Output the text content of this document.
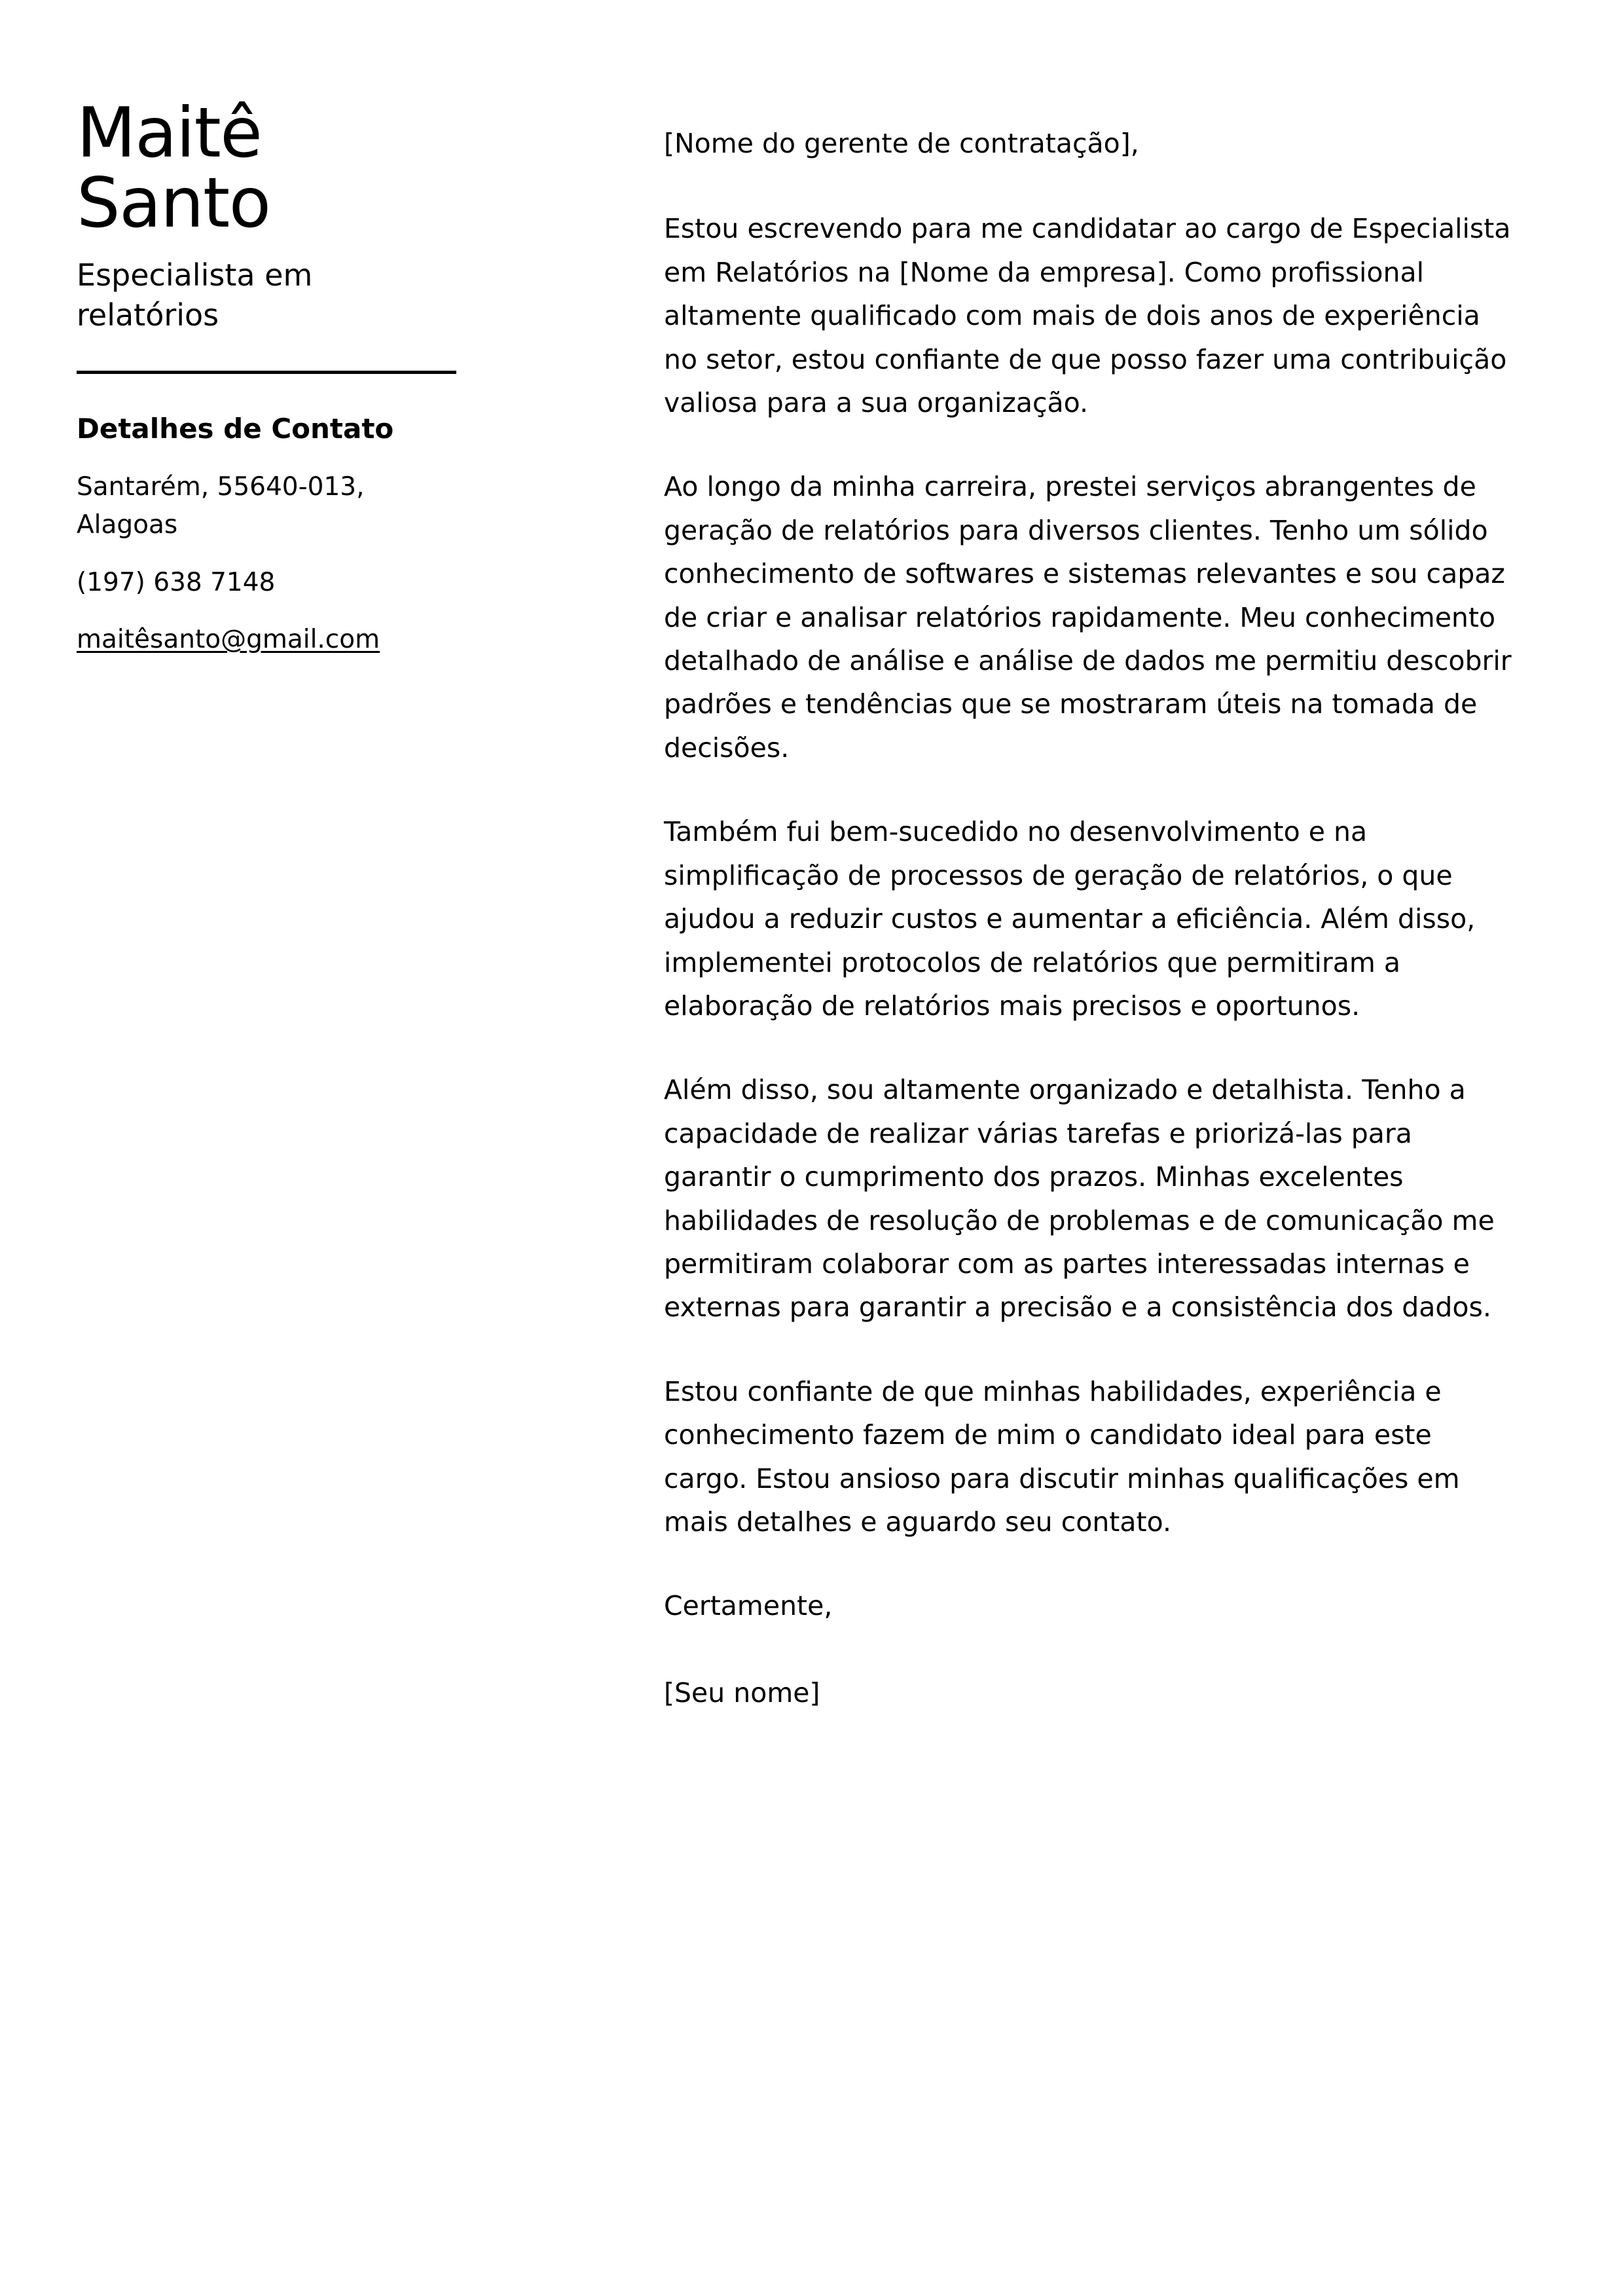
Maitê
Santo
Especialista em relatórios
Detalhes de Contato
Santarém, 55640-013, Alagoas
(197) 638 7148
maitêsanto@gmail.com

[Nome do gerente de contratação],

Estou escrevendo para me candidatar ao cargo de Especialista em Relatórios na [Nome da empresa]. Como profissional altamente qualificado com mais de dois anos de experiência no setor, estou confiante de que posso fazer uma contribuição valiosa para a sua organização.

Ao longo da minha carreira, prestei serviços abrangentes de geração de relatórios para diversos clientes. Tenho um sólido conhecimento de softwares e sistemas relevantes e sou capaz de criar e analisar relatórios rapidamente. Meu conhecimento detalhado de análise e análise de dados me permitiu descobrir padrões e tendências que se mostraram úteis na tomada de decisões.

Também fui bem-sucedido no desenvolvimento e na simplificação de processos de geração de relatórios, o que ajudou a reduzir custos e aumentar a eficiência. Além disso, implementei protocolos de relatórios que permitiram a elaboração de relatórios mais precisos e oportunos.

Além disso, sou altamente organizado e detalhista. Tenho a capacidade de realizar várias tarefas e priorizá-las para garantir o cumprimento dos prazos. Minhas excelentes habilidades de resolução de problemas e de comunicação me permitiram colaborar com as partes interessadas internas e externas para garantir a precisão e a consistência dos dados.

Estou confiante de que minhas habilidades, experiência e conhecimento fazem de mim o candidato ideal para este cargo. Estou ansioso para discutir minhas qualificações em mais detalhes e aguardo seu contato.

Certamente,

[Seu nome]
